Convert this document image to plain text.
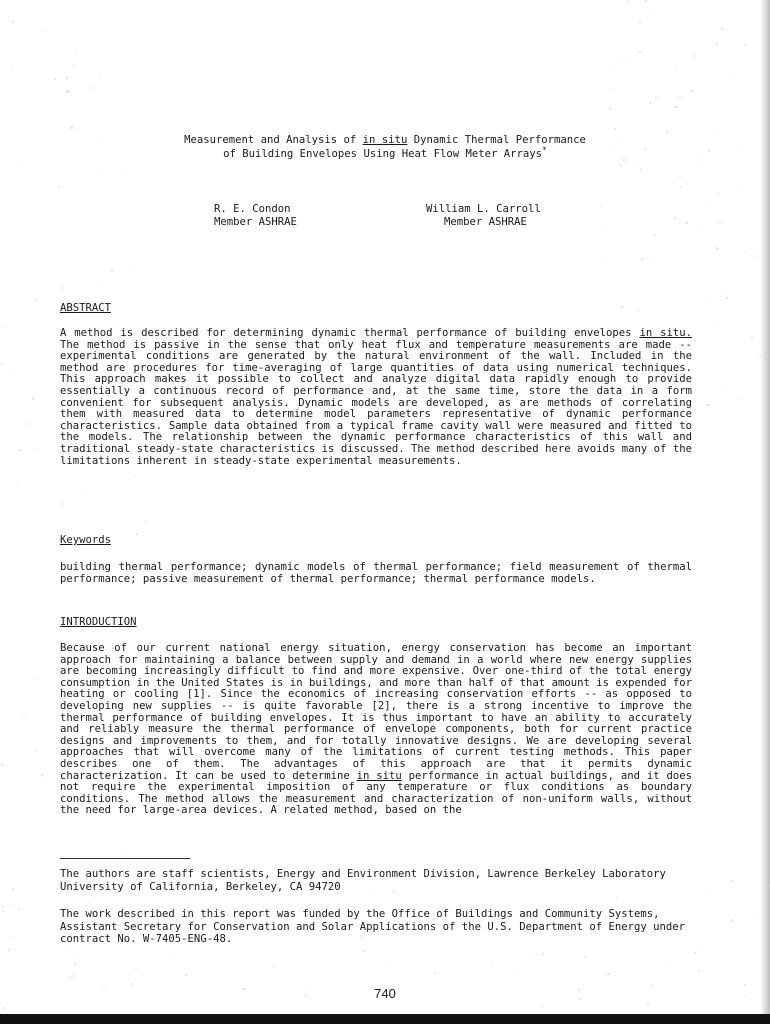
Measurement and Analysis of in situ Dynamic Thermal Performance
of Building Envelopes Using Heat Flow Meter Arrays*
R. E. Condon
Member ASHRAE
William L. Carroll
Member ASHRAE
ABSTRACT

A method is described for determining dynamic thermal performance of building envelopes in situ. The method is passive in the sense that only heat flux and temperature measurements are made -- experimental conditions are generated by the natural environment of the wall. Included in the method are procedures for time-averaging of large quantities of data using numerical techniques. This approach makes it possible to collect and analyze digital data rapidly enough to provide essentially a continuous record of performance and, at the same time, store the data in a form convenient for subsequent analysis. Dynamic models are developed, as are methods of correlating them with measured data to determine model parameters representative of dynamic performance characteristics. Sample data obtained from a typical frame cavity wall were measured and fitted to the models. The relationship between the dynamic performance characteristics of this wall and traditional steady-state characteristics is discussed. The method described here avoids many of the limitations inherent in steady-state experimental measurements.

Keywords

building thermal performance; dynamic models of thermal performance; field measurement of thermal performance; passive measurement of thermal performance; thermal performance models.

INTRODUCTION

Because of our current national energy situation, energy conservation has become an important approach for maintaining a balance between supply and demand in a world where new energy supplies are becoming increasingly difficult to find and more expensive. Over one-third of the total energy consumption in the United States is in buildings, and more than half of that amount is expended for heating or cooling [1]. Since the economics of increasing conservation efforts -- as opposed to developing new supplies -- is quite favorable [2], there is a strong incentive to improve the thermal performance of building envelopes. It is thus important to have an ability to accurately and reliably measure the thermal performance of envelope components, both for current practice designs and improvements to them, and for totally innovative designs. We are developing several approaches that will overcome many of the limitations of current testing methods. This paper describes one of them. The advantages of this approach are that it permits dynamic characterization. It can be used to determine in situ performance in actual buildings, and it does not require the experimental imposition of any temperature or flux conditions as boundary conditions. The method allows the measurement and characterization of non-uniform walls, without the need for large-area devices. A related method, based on the

The authors are staff scientists, Energy and Environment Division, Lawrence Berkeley Laboratory University of California, Berkeley, CA 94720

The work described in this report was funded by the Office of Buildings and Community Systems, Assistant Secretary for Conservation and Solar Applications of the U.S. Department of Energy under contract No. W-7405-ENG-48.

740
